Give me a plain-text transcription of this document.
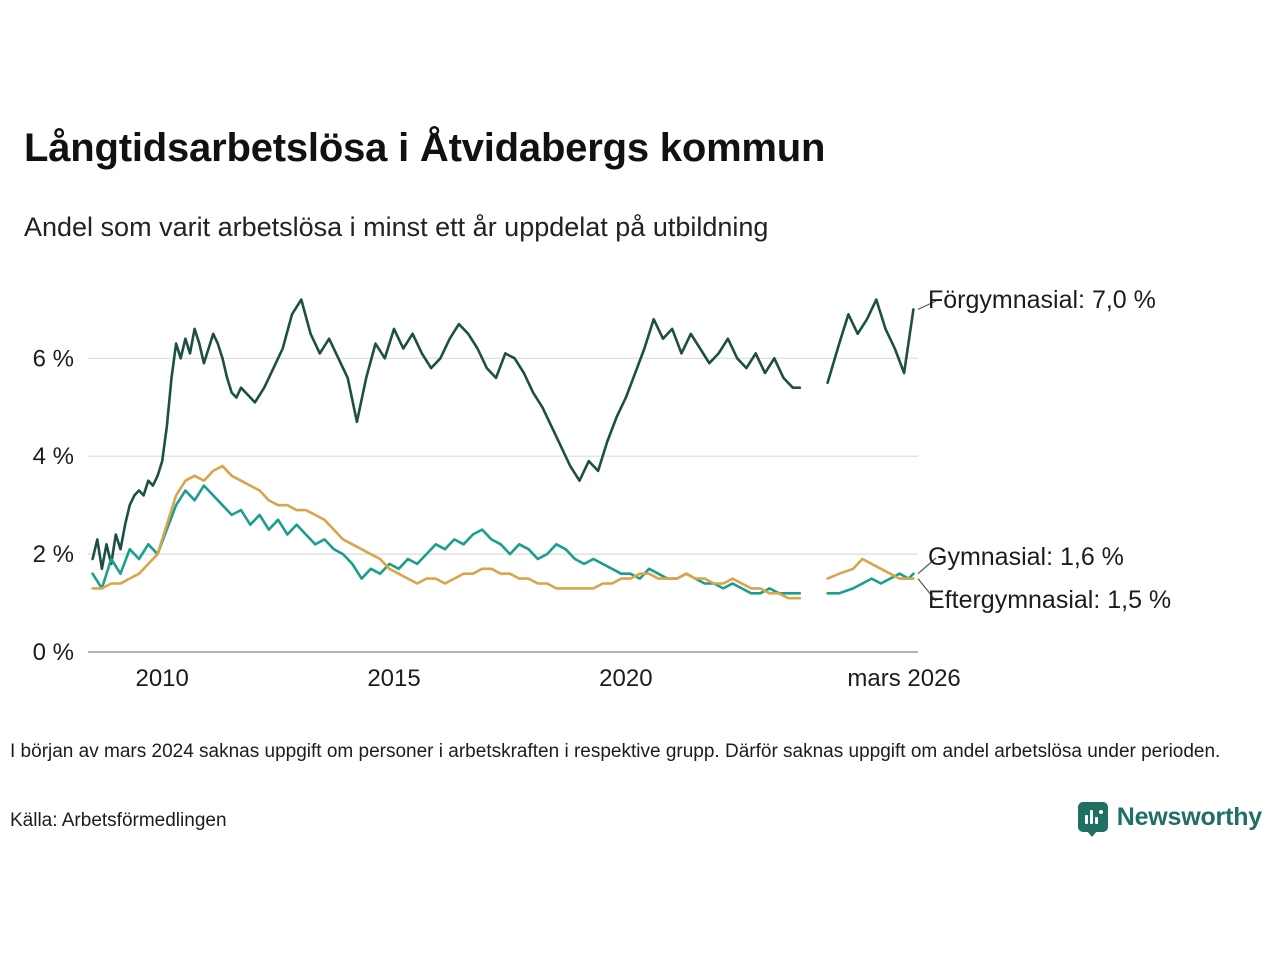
Långtidsarbetslösa i Åtvidabergs kommun
Andel som varit arbetslösa i minst ett år uppdelat på utbildning
0 %
2 %
4 %
6 %
2010	2015	2020	mars 2026
Förgymnasial: 7,0 %
Gymnasial: 1,6 %
Eftergymnasial: 1,5 %
I början av mars 2024 saknas uppgift om personer i arbetskraften i respektive grupp. Därför saknas uppgift om andel arbetslösa under perioden.
Källa: Arbetsförmedlingen	Newsworthy
